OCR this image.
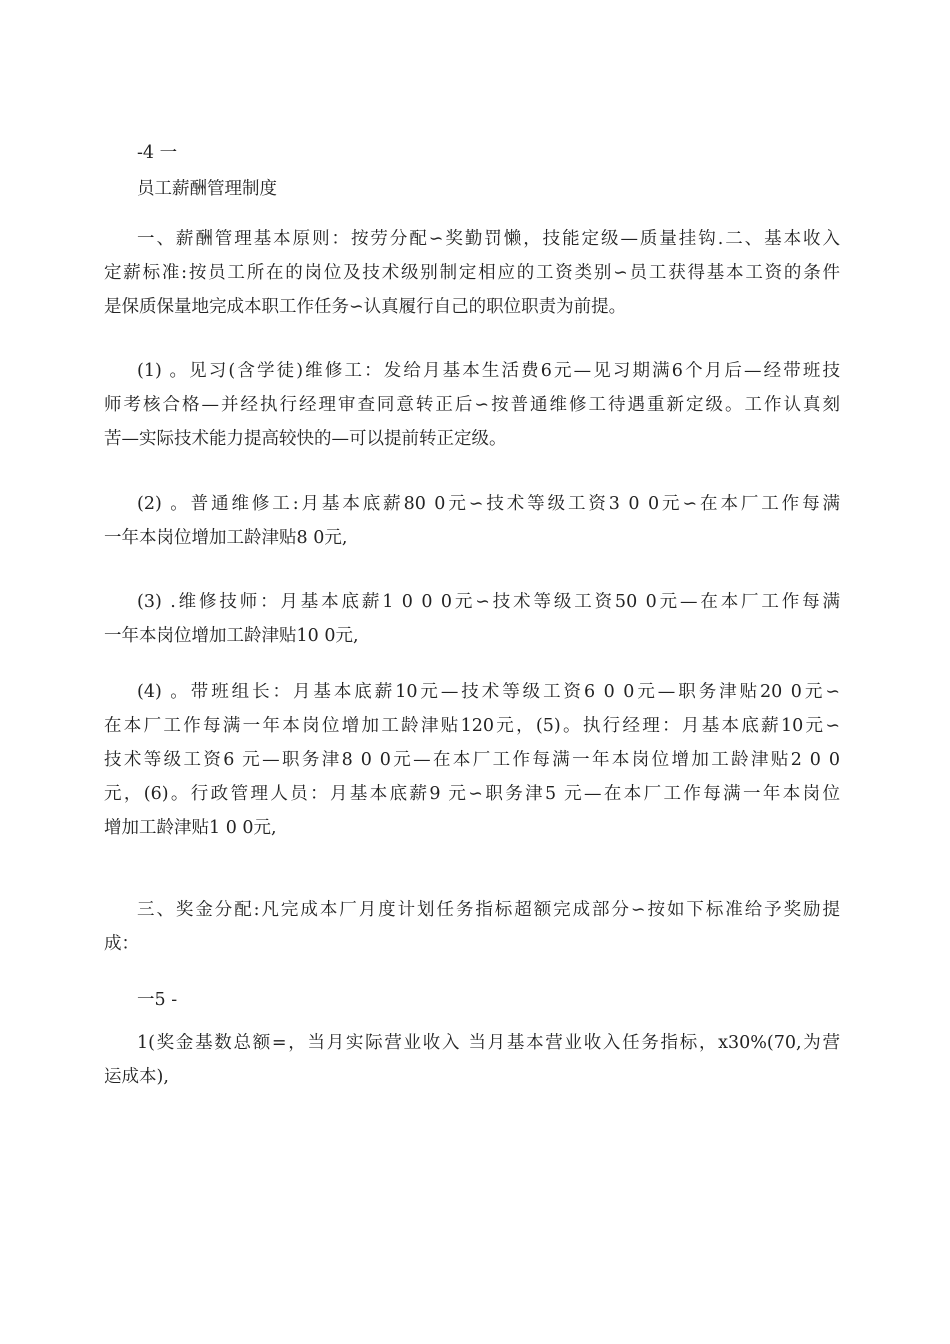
-4 一
员工薪酬管理制度
一、薪酬管理基本原则：按劳分配∽奖勤罚懒，技能定级—质量挂钩.二、基本收入
定薪标准:按员工所在的岗位及技术级别制定相应的工资类别∽员工获得基本工资的条件
是保质保量地完成本职工作任务∽认真履行自己的职位职责为前提。
(1) 。见习(含学徒)维修工：发给月基本生活费6元—见习期满6个月后—经带班技
师考核合格—并经执行经理审查同意转正后∽按普通维修工待遇重新定级。工作认真刻
苦—实际技术能力提高较快的—可以提前转正定级。
(2) 。普通维修工:月基本底薪80 0元∽技术等级工资3 0 0元∽在本厂工作每满
一年本岗位增加工龄津贴8 0元,
(3) .维修技师：月基本底薪1 0 0 0元∽技术等级工资50 0元—在本厂工作每满
一年本岗位增加工龄津贴10 0元,
(4) 。带班组长：月基本底薪10元—技术等级工资6 0 0元—职务津贴20 0元∽
在本厂工作每满一年本岗位增加工龄津贴120元，(5)。执行经理：月基本底薪10元∽
技术等级工资6 元—职务津8 0 0元—在本厂工作每满一年本岗位增加工龄津贴2 0 0
元，(6)。行政管理人员：月基本底薪9 元∽职务津5 元—在本厂工作每满一年本岗位
增加工龄津贴1 0 0元,
三、奖金分配:凡完成本厂月度计划任务指标超额完成部分∽按如下标准给予奖励提
成：
一5 -
1(奖金基数总额=，当月实际营业收入 当月基本营业收入任务指标，x30%(70,为营
运成本),
